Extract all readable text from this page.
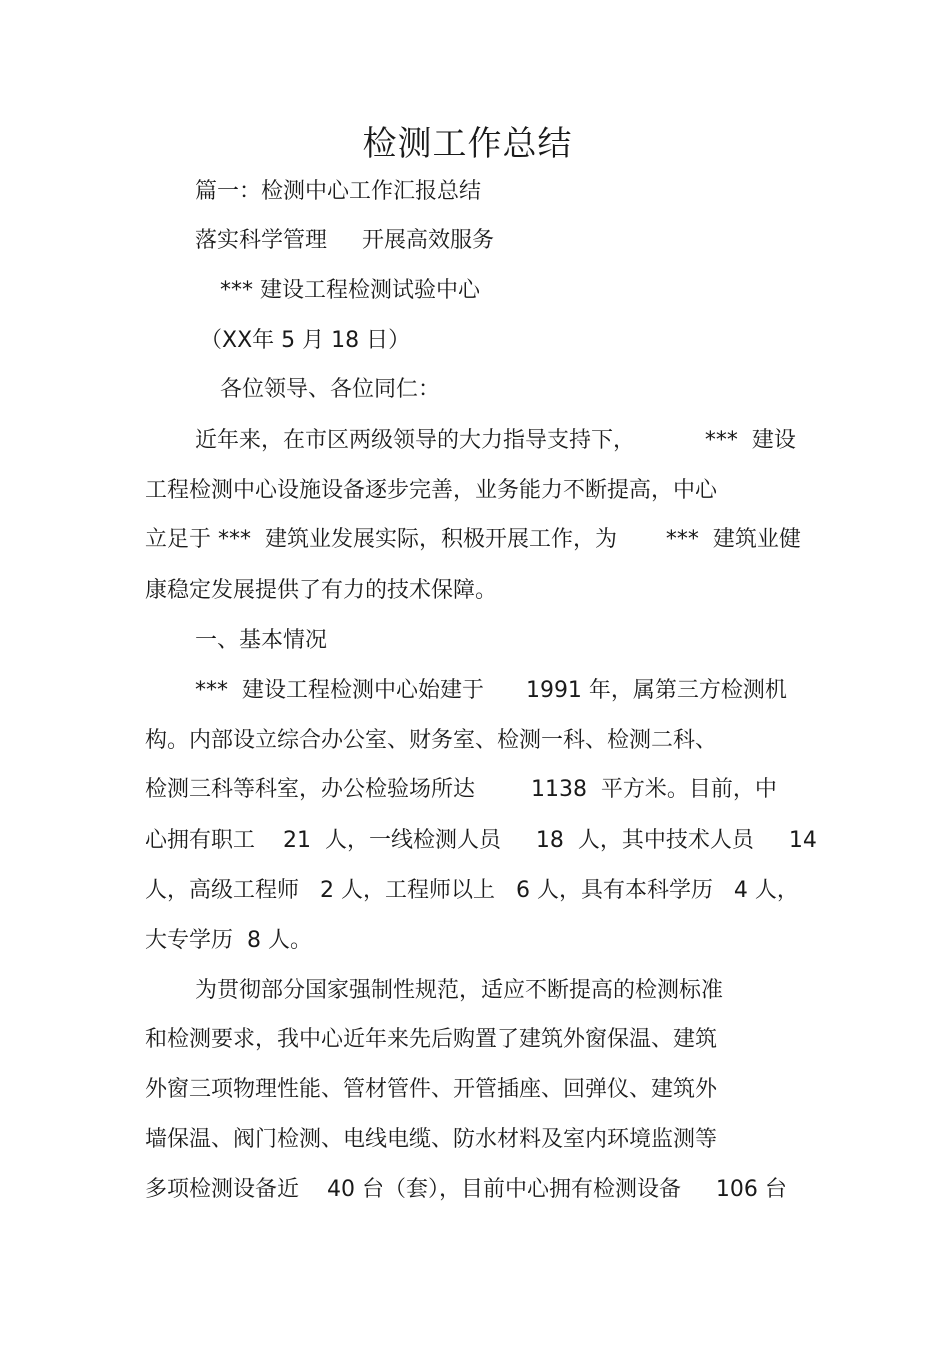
检测工作总结
篇一：检测中心工作汇报总结
落实科学管理     开展高效服务
*** 建设工程检测试验中心
（XX年 5 月 18 日）
各位领导、各位同仁：
近年来，在市区两级领导的大力指导支持下，          ***  建设
工程检测中心设施设备逐步完善，业务能力不断提高，中心
立足于 ***  建筑业发展实际，积极开展工作，为       ***  建筑业健
康稳定发展提供了有力的技术保障。
一、基本情况
***  建设工程检测中心始建于      1991 年，属第三方检测机
构。内部设立综合办公室、财务室、检测一科、检测二科、
检测三科等科室，办公检验场所达        1138  平方米。目前，中
心拥有职工    21  人，一线检测人员     18  人，其中技术人员     14
人，高级工程师   2 人，工程师以上   6 人，具有本科学历   4 人，
大专学历  8 人。
为贯彻部分国家强制性规范，适应不断提高的检测标准
和检测要求，我中心近年来先后购置了建筑外窗保温、建筑
外窗三项物理性能、管材管件、开管插座、回弹仪、建筑外
墙保温、阀门检测、电线电缆、防水材料及室内环境监测等
多项检测设备近    40 台（套），目前中心拥有检测设备     106 台
